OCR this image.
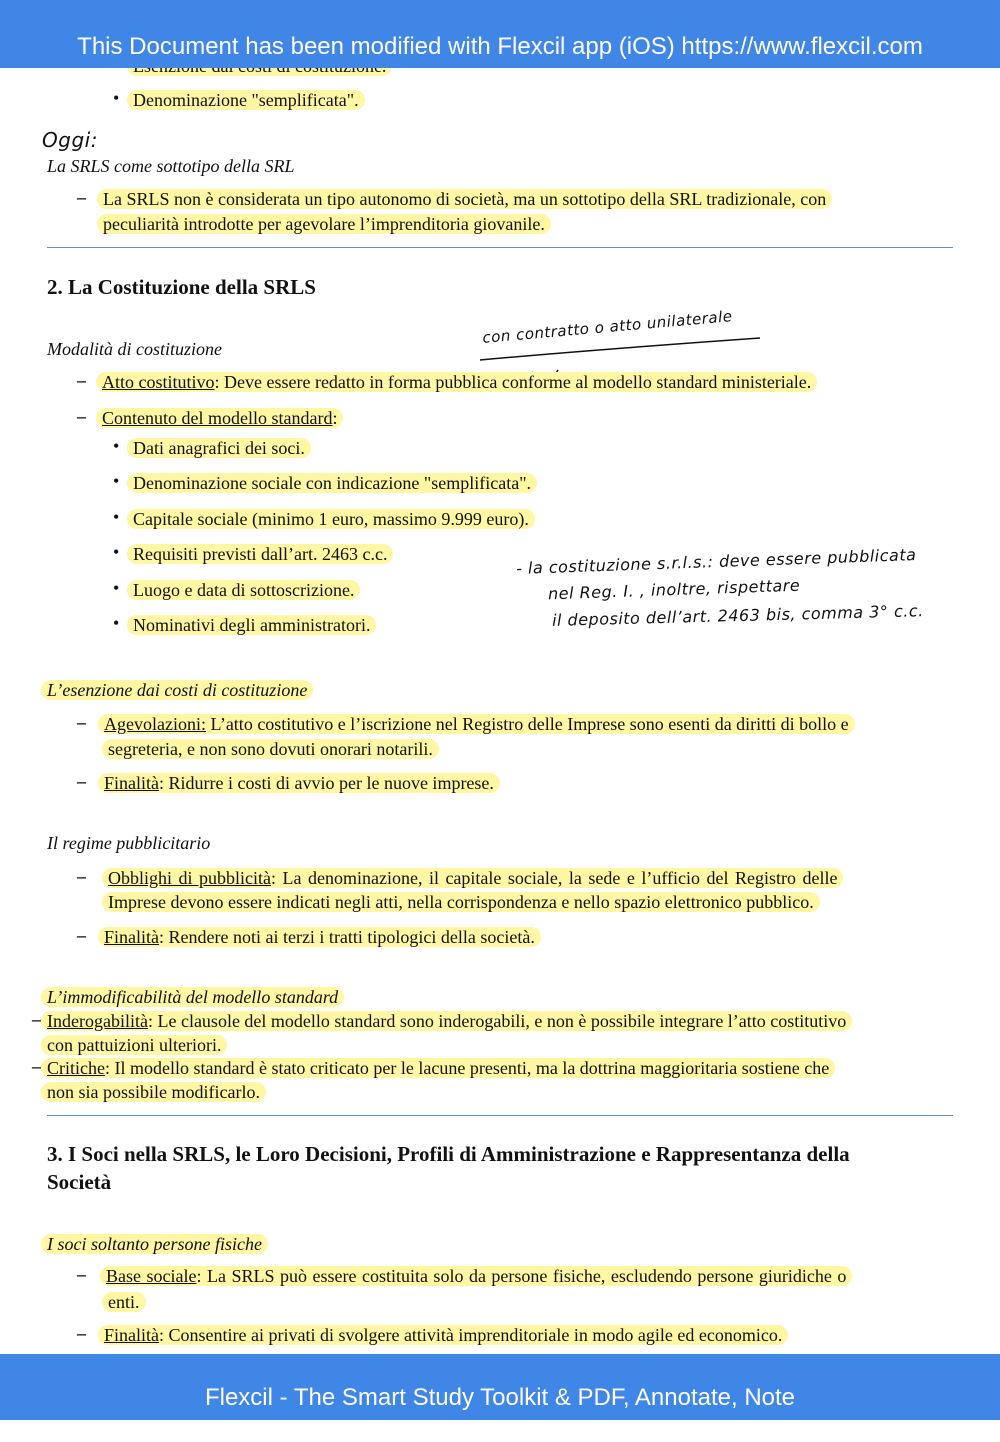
This Document has been modified with Flexcil app (iOS) https://www.flexcil.com
• Denominazione "semplificata".
Oggi:
La SRLS come sottotipo della SRL
– La SRLS non è considerata un tipo autonomo di società, ma un sottotipo della SRL tradizionale, con
peculiarità introdotte per agevolare l’imprenditoria giovanile.
2. La Costituzione della SRLS
Modalità di costituzione
con contratto o atto unilaterale
– Atto costitutivo: Deve essere redatto in forma pubblica conforme al modello standard ministeriale.
– Contenuto del modello standard:
• Dati anagrafici dei soci.
• Denominazione sociale con indicazione "semplificata".
• Capitale sociale (minimo 1 euro, massimo 9.999 euro).
• Requisiti previsti dall’art. 2463 c.c.
• Luogo e data di sottoscrizione.
• Nominativi degli amministratori.
- la costituzione s.r.l.s.: deve essere pubblicata
nel Reg. I. , inoltre, rispettare
il deposito dell’art. 2463 bis, comma 3° c.c.
L’esenzione dai costi di costituzione
– Agevolazioni: L’atto costitutivo e l’iscrizione nel Registro delle Imprese sono esenti da diritti di bollo e
segreteria, e non sono dovuti onorari notarili.
– Finalità: Ridurre i costi di avvio per le nuove imprese.
Il regime pubblicitario
– Obblighi di pubblicità: La denominazione, il capitale sociale, la sede e l’ufficio del Registro delle
Imprese devono essere indicati negli atti, nella corrispondenza e nello spazio elettronico pubblico.
– Finalità: Rendere noti ai terzi i tratti tipologici della società.
L’immodificabilità del modello standard
– Inderogabilità: Le clausole del modello standard sono inderogabili, e non è possibile integrare l’atto costitutivo
con pattuizioni ulteriori.
– Critiche: Il modello standard è stato criticato per le lacune presenti, ma la dottrina maggioritaria sostiene che
non sia possibile modificarlo.
3. I Soci nella SRLS, le Loro Decisioni, Profili di Amministrazione e Rappresentanza della
Società
I soci soltanto persone fisiche
– Base sociale: La SRLS può essere costituita solo da persone fisiche, escludendo persone giuridiche o
enti.
– Finalità: Consentire ai privati di svolgere attività imprenditoriale in modo agile ed economico.
Flexcil - The Smart Study Toolkit & PDF, Annotate, Note
